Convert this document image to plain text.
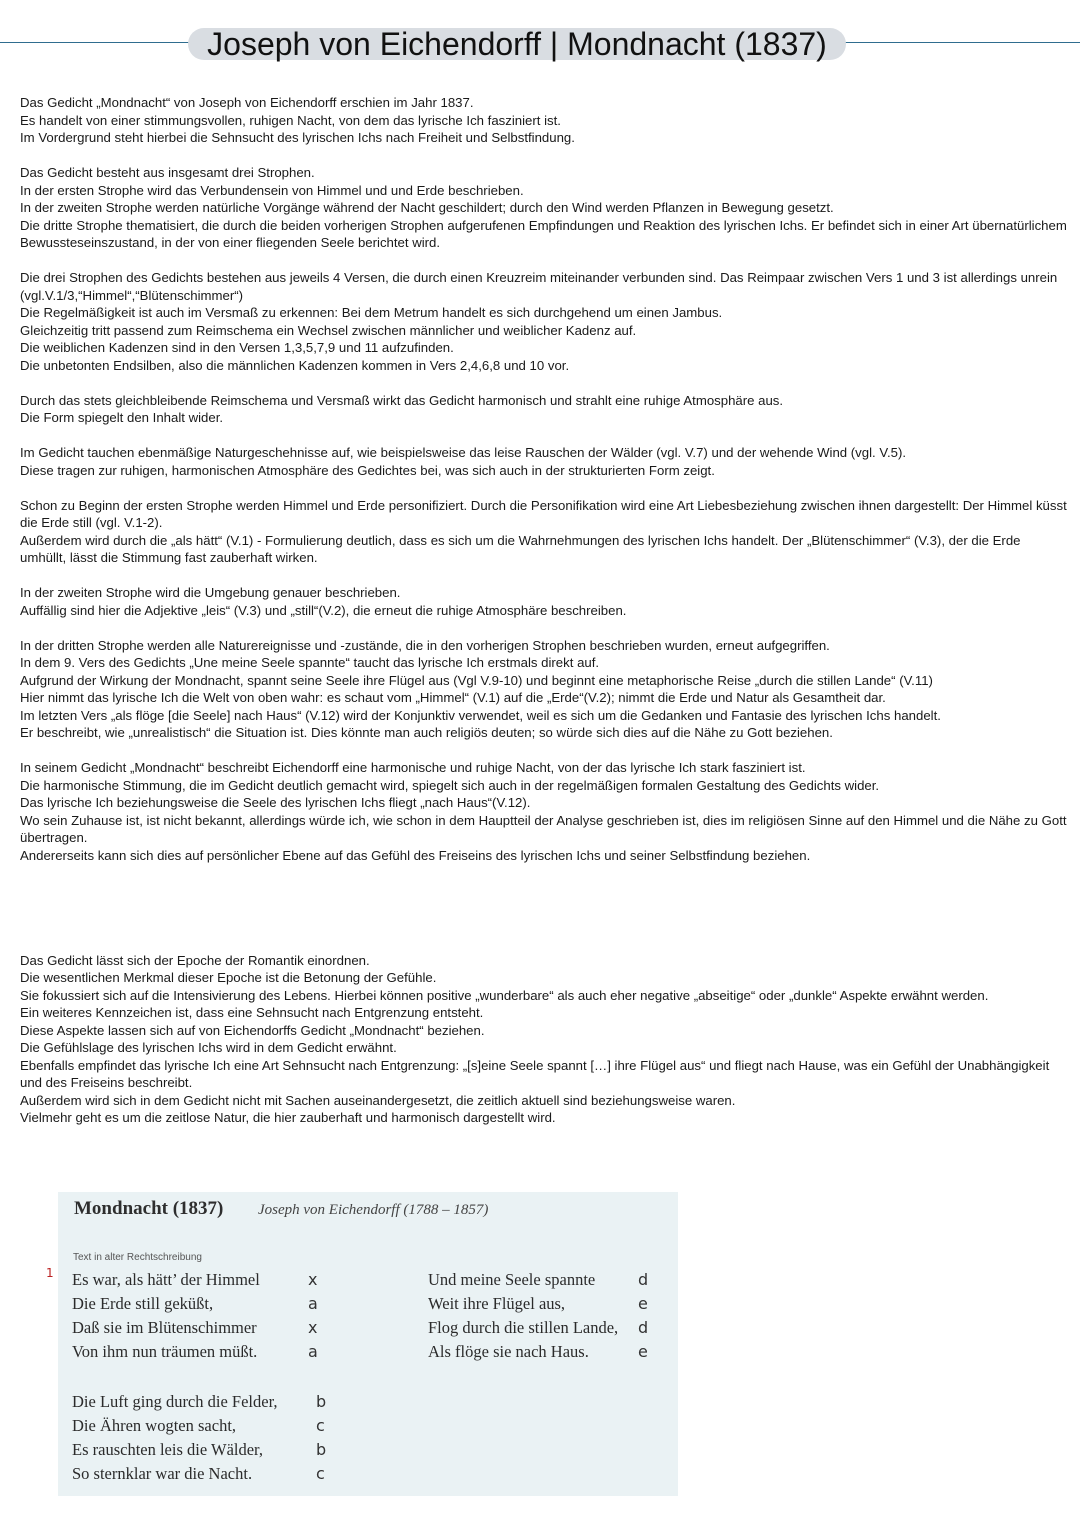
Joseph von Eichendorff | Mondnacht (1837)
Das Gedicht „Mondnacht“ von Joseph von Eichendorff erschien im Jahr 1837.
Es handelt von einer stimmungsvollen, ruhigen Nacht, von dem das lyrische Ich fasziniert ist.
Im Vordergrund steht hierbei die Sehnsucht des lyrischen Ichs nach Freiheit und Selbstfindung.
Das Gedicht besteht aus insgesamt drei Strophen.
In der ersten Strophe wird das Verbundensein von Himmel und und Erde beschrieben.
In der zweiten Strophe werden natürliche Vorgänge während der Nacht geschildert; durch den Wind werden Pflanzen in Bewegung gesetzt.
Die dritte Strophe thematisiert, die durch die beiden vorherigen Strophen aufgerufenen Empfindungen und Reaktion des lyrischen Ichs. Er befindet sich in einer Art übernatürlichem Bewussteseinszustand, in der von einer fliegenden Seele berichtet wird.
Die drei Strophen des Gedichts bestehen aus jeweils 4 Versen, die durch einen Kreuzreim miteinander verbunden sind. Das Reimpaar zwischen Vers 1 und 3 ist allerdings unrein (vgl.V.1/3,“Himmel“,“Blütenschimmer“)
Die Regelmäßigkeit ist auch im Versmaß zu erkennen: Bei dem Metrum handelt es sich durchgehend um einen Jambus.
Gleichzeitig tritt passend zum Reimschema ein Wechsel zwischen männlicher und weiblicher Kadenz auf.
Die weiblichen Kadenzen sind in den Versen 1,3,5,7,9 und 11 aufzufinden.
Die unbetonten Endsilben, also die männlichen Kadenzen kommen in Vers 2,4,6,8 und 10 vor.
Durch das stets gleichbleibende Reimschema und Versmaß wirkt das Gedicht harmonisch und strahlt eine ruhige Atmosphäre aus.
Die Form spiegelt den Inhalt wider.
Im Gedicht tauchen ebenmäßige Naturgeschehnisse auf, wie beispielsweise das leise Rauschen der Wälder (vgl. V.7) und der wehende Wind (vgl. V.5).
Diese tragen zur ruhigen, harmonischen Atmosphäre des Gedichtes bei, was sich auch in der strukturierten Form zeigt.
Schon zu Beginn der ersten Strophe werden Himmel und Erde personifiziert. Durch die Personifikation wird eine Art Liebesbeziehung zwischen ihnen dargestellt: Der Himmel küsst die Erde still (vgl. V.1-2).
Außerdem wird durch die „als hätt“ (V.1) - Formulierung deutlich, dass es sich um die Wahrnehmungen des lyrischen Ichs handelt. Der „Blütenschimmer“ (V.3), der die Erde umhüllt, lässt die Stimmung fast zauberhaft wirken.
In der zweiten Strophe wird die Umgebung genauer beschrieben.
Auffällig sind hier die Adjektive „leis“ (V.3) und „still“(V.2), die erneut die ruhige Atmosphäre beschreiben.
In der dritten Strophe werden alle Naturereignisse und -zustände, die in den vorherigen Strophen beschrieben wurden, erneut aufgegriffen.
In dem 9. Vers des Gedichts „Une meine Seele spannte“ taucht das lyrische Ich erstmals direkt auf.
Aufgrund der Wirkung der Mondnacht, spannt seine Seele ihre Flügel aus (Vgl V.9-10) und beginnt eine metaphorische Reise „durch die stillen Lande“ (V.11)
Hier nimmt das lyrische Ich die Welt von oben wahr: es schaut vom „Himmel“ (V.1) auf die „Erde“(V.2); nimmt die Erde und Natur als Gesamtheit dar.
Im letzten Vers „als flöge [die Seele] nach Haus“ (V.12) wird der Konjunktiv verwendet, weil es sich um die Gedanken und Fantasie des lyrischen Ichs handelt.
Er beschreibt, wie „unrealistisch“ die Situation ist. Dies könnte man auch religiös deuten; so würde sich dies auf die Nähe zu Gott beziehen.
In seinem Gedicht „Mondnacht“ beschreibt Eichendorff eine harmonische und ruhige Nacht, von der das lyrische Ich stark fasziniert ist.
Die harmonische Stimmung, die im Gedicht deutlich gemacht wird, spiegelt sich auch in der regelmäßigen formalen Gestaltung des Gedichts wider.
Das lyrische Ich beziehungsweise die Seele des lyrischen Ichs fliegt „nach Haus“(V.12).
Wo sein Zuhause ist, ist nicht bekannt, allerdings würde ich, wie schon in dem Hauptteil der Analyse geschrieben ist, dies im religiösen Sinne auf den Himmel und die Nähe zu Gott übertragen.
Andererseits kann sich dies auf persönlicher Ebene auf das Gefühl des Freiseins des lyrischen Ichs und seiner Selbstfindung beziehen.
Das Gedicht lässt sich der Epoche der Romantik einordnen.
Die wesentlichen Merkmal dieser Epoche ist die Betonung der Gefühle.
Sie fokussiert sich auf die Intensivierung des Lebens. Hierbei können positive „wunderbare“ als auch eher negative „abseitige“ oder „dunkle“ Aspekte erwähnt werden.
Ein weiteres Kennzeichen ist, dass eine Sehnsucht nach Entgrenzung entsteht.
Diese Aspekte lassen sich auf von Eichendorffs Gedicht „Mondnacht“ beziehen.
Die Gefühlslage des lyrischen Ichs wird in dem Gedicht erwähnt.
Ebenfalls empfindet das lyrische Ich eine Art Sehnsucht nach Entgrenzung: „[s]eine Seele spannt […] ihre Flügel aus“ und fliegt nach Hause, was ein Gefühl der Unabhängigkeit und des Freiseins beschreibt.
Außerdem wird sich in dem Gedicht nicht mit Sachen auseinandergesetzt, die zeitlich aktuell sind beziehungsweise waren.
Vielmehr geht es um die zeitlose Natur, die hier zauberhaft und harmonisch dargestellt wird.
1
Mondnacht (1837) Joseph von Eichendorff (1788 – 1857)
Text in alter Rechtschreibung
Es war, als hätt’ der Himmel
Die Erde still geküßt,
Daß sie im Blütenschimmer
Von ihm nun träumen müßt.
x
a
x
a
Die Luft ging durch die Felder,
Die Ähren wogten sacht,
Es rauschten leis die Wälder,
So sternklar war die Nacht.
b
c
b
c
Und meine Seele spannte
Weit ihre Flügel aus,
Flog durch die stillen Lande,
Als flöge sie nach Haus.
d
e
d
e
